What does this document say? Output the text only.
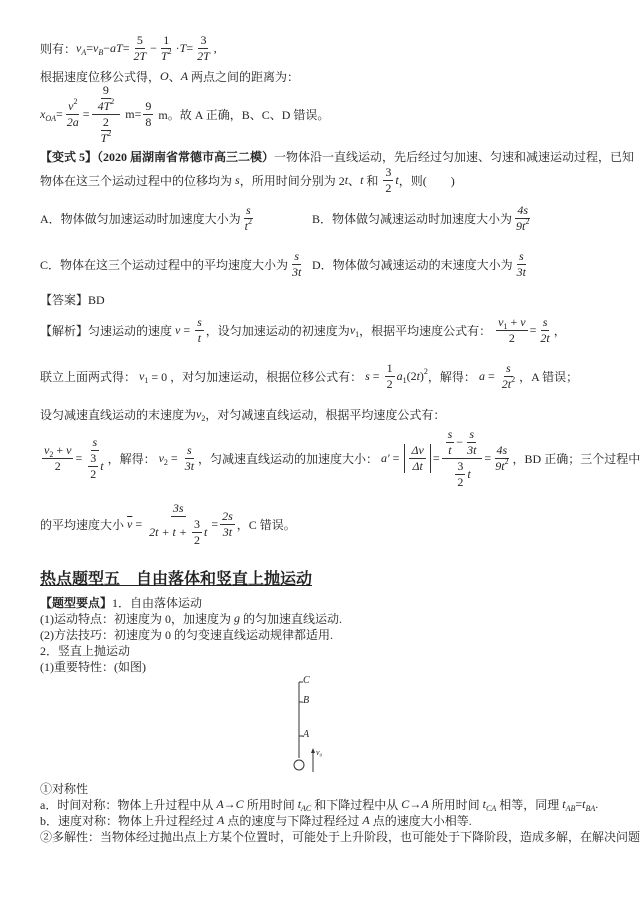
则有： v A = v B − aT = $\frac{5}{2T} - \frac{1}{T 2} \cdot T = \frac{3}{2T}$ ,
根据速度位移公式得， O 、 A 两点之间的距离为：
x OA = $\frac{v 2}{2a} = \frac{\frac{9}{4T 2}}{\frac{2}{T 2}} m= \frac{9}{8}$ m。故 A 正确，B、C、D 错误。
【变式 5】（2020 届湖南省常德市高三二模） 一物体沿一直线运动，先后经过匀加速、匀速和减速运动过程，已知
物体在这三个运动过程中的位移均为 s ，所用时间分别为 2 t 、 t 和 $\frac{3}{2}$ t ，则(　　)
A．物体做匀加速运动时加速度大小为 $\frac{s}{t 2}$	B．物体做匀减速运动时加速度大小为 $\frac{4s}{9t 2}$
C．物体在这三个运动过程中的平均速度大小为 $\frac{s}{3t}$ D．物体做匀减速运动的末速度大小为 $\frac{s}{3t}$
【答案】BD
【解析】匀速运动的速度 $v = \frac{s}{t}$ ，设匀加速运动的初速度为 v 1 ，根据平均速度公式有： $\frac{v 1 + v}{2} = \frac{s}{2t}$ ，
联立上面两式得： v 1 = 0 ，对匀加速运动，根据位移公式有： $s = \frac{1}{2}$ a 1 (2 t ) 2 ，解得： $a = \frac{s}{2t 2}$ ，A 错误；
设匀减速直线运动的末速度为 v 2 ，对匀减速直线运动，根据平均速度公式有：
$\frac{v 2 + v}{2} = \frac{s}{\frac{3}{2} t}$ ，解得： v $2 = \frac{s}{3t}$ ，匀减速直线运动的加速度大小： $a' = \frac{\Delta v}{\Delta t} = \frac{\frac{s}{t} - \frac{s}{3t}}{\frac{3}{2} t} = \frac{4s}{9t 2}$ ，BD 正确；三个过程中
的平均速度大小 $\overline{v} = \frac{3s}{2t + t + \frac{3}{2} t} = \frac{2s}{3t}$ ，C 错误。
热点题型五　自由落体和竖直上抛运动
【题型要点】 1．自由落体运动
(1)运动特点：初速度为 0，加速度为 g 的匀加速直线运动.
(2)方法技巧：初速度为 0 的匀变速直线运动规律都适用.
2．竖直上抛运动
(1)重要特性：(如图)
C
B
A
v₀
①对称性
a．时间对称：物体上升过程中从 A → C 所用时间 t AC 和下降过程中从 C → A 所用时间 t CA 相等，同理 t AB = t BA .
b．速度对称：物体上升过程经过 A 点的速度与下降过程经过 A 点的速度大小相等.
②多解性：当物体经过抛出点上方某个位置时，可能处于上升阶段，也可能处于下降阶段，造成多解，在解决问题
